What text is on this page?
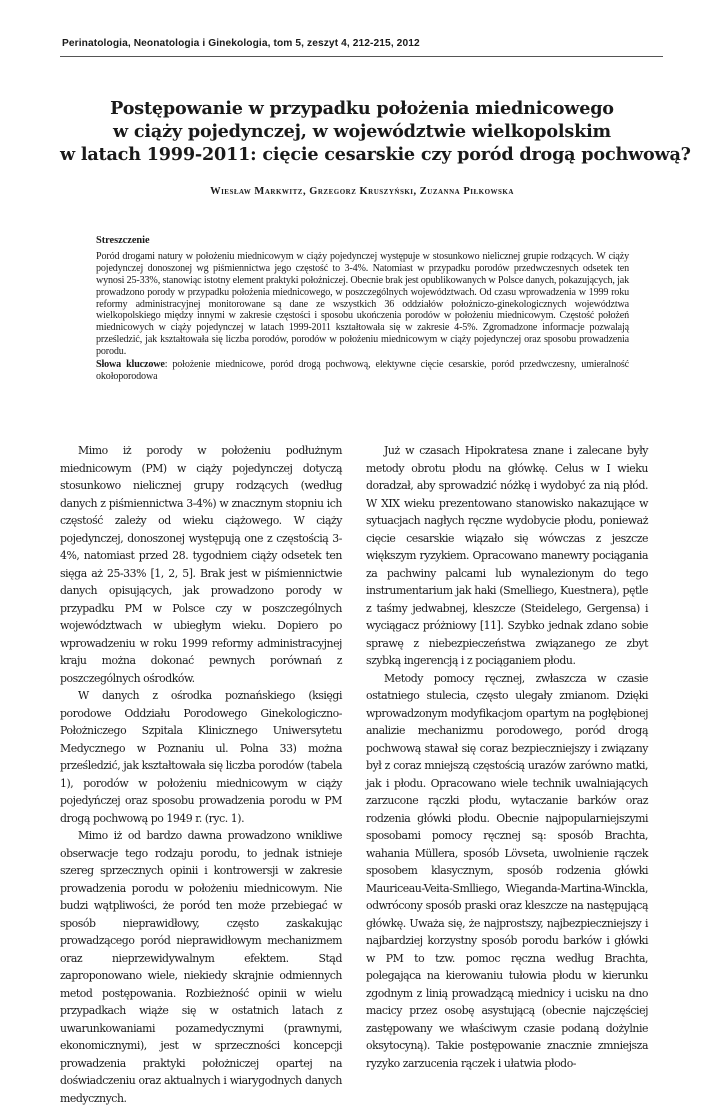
Perinatologia, Neonatologia i Ginekologia, tom 5, zeszyt 4, 212-215, 2012
Postępowanie w przypadku położenia miednicowego
w ciąży pojedynczej, w województwie wielkopolskim
w latach 1999-2011: cięcie cesarskie czy poród drogą pochwową?
Wiesław Markwitz, Grzegorz Kruszyński, Zuzanna Piłkowska
Streszczenie
Poród drogami natury w położeniu miednicowym w ciąży pojedynczej występuje w stosunkowo nielicznej grupie rodzących. W ciąży pojedynczej donoszonej wg piśmiennictwa jego częstość to 3-4%. Natomiast w przypadku porodów przedwczesnych odsetek ten wynosi 25-33%, stanowiąc istotny element praktyki położniczej. Obecnie brak jest opublikowanych w Polsce danych, pokazujących, jak prowadzono porody w przypadku położenia miednicowego, w poszczególnych województwach. Od czasu wprowadzenia w 1999 roku reformy administracyjnej monitorowane są dane ze wszystkich 36 oddziałów położniczo-ginekologicznych województwa wielkopolskiego między innymi w zakresie częstości i sposobu ukończenia porodów w położeniu miednicowym. Częstość położeń miednicowych w ciąży pojedynczej w latach 1999-2011 kształtowała się w zakresie 4-5%. Zgromadzone informacje pozwalają prześledzić, jak kształtowała się liczba porodów, porodów w położeniu miednicowym w ciąży pojedynczej oraz sposobu prowadzenia porodu.
Słowa kluczowe: położenie miednicowe, poród drogą pochwową, elektywne cięcie cesarskie, poród przedwczesny, umieralność okołoporodowa

Mimo iż porody w położeniu podłużnym miednicowym (PM) w ciąży pojedynczej dotyczą stosunkowo nielicznej grupy rodzących (według danych z piśmiennictwa 3-4%) w znacznym stopniu ich częstość zależy od wieku ciążowego. W ciąży pojedynczej, donoszonej występują one z częstością 3-4%, natomiast przed 28. tygodniem ciąży odsetek ten sięga aż 25-33% [1, 2, 5]. Brak jest w piśmiennictwie danych opisujących, jak prowadzono porody w przypadku PM w Polsce czy w poszczególnych województwach w ubiegłym wieku. Dopiero po wprowadzeniu w roku 1999 reformy administracyjnej kraju można dokonać pewnych porównań z poszczególnych ośrodków.

W danych z ośrodka poznańskiego (księgi porodowe Oddziału Porodowego Ginekologiczno-Położniczego Szpitala Klinicznego Uniwersytetu Medycznego w Poznaniu ul. Polna 33) można prześledzić, jak kształtowała się liczba porodów (tabela 1), porodów w położeniu miednicowym w ciąży pojedyńczej oraz sposobu prowadzenia porodu w PM drogą pochwową po 1949 r. (ryc. 1).

Mimo iż od bardzo dawna prowadzono wnikliwe obserwacje tego rodzaju porodu, to jednak istnieje szereg sprzecznych opinii i kontrowersji w zakresie prowadzenia porodu w położeniu miednicowym. Nie budzi wątpliwości, że poród ten może przebiegać w sposób nieprawidłowy, często zaskakując prowadzącego poród nieprawidłowym mechanizmem oraz nieprzewidywalnym efektem. Stąd zaproponowano wiele, niekiedy skrajnie odmiennych metod postępowania. Rozbieżność opinii w wielu przypadkach wiąże się w ostatnich latach z uwarunkowaniami pozamedycznymi (prawnymi, ekonomicznymi), jest w sprzeczności koncepcji prowadzenia praktyki położniczej opartej na doświadczeniu oraz aktualnych i wiarygodnych danych medycznych.

Już w czasach Hipokratesa znane i zalecane były metody obrotu płodu na główkę. Celus w I wieku doradzał, aby sprowadzić nóżkę i wydobyć za nią płód. W XIX wieku prezentowano stanowisko nakazujące w sytuacjach nagłych ręczne wydobycie płodu, ponieważ cięcie cesarskie wiązało się wówczas z jeszcze większym ryzykiem. Opracowano manewry pociągania za pachwiny palcami lub wynalezionym do tego instrumentarium jak haki (Smelliego, Kuestnera), pętle z taśmy jedwabnej, kleszcze (Steidelego, Gergensa) i wyciągacz próżniowy [11]. Szybko jednak zdano sobie sprawę z niebezpieczeństwa związanego ze zbyt szybką ingerencją i z pociąganiem płodu.

Metody pomocy ręcznej, zwłaszcza w czasie ostatniego stulecia, często ulegały zmianom. Dzięki wprowadzonym modyfikacjom opartym na pogłębionej analizie mechanizmu porodowego, poród drogą pochwową stawał się coraz bezpieczniejszy i związany był z coraz mniejszą częstością urazów zarówno matki, jak i płodu. Opracowano wiele technik uwalniających zarzucone rączki płodu, wytaczanie barków oraz rodzenia główki płodu. Obecnie najpopularniejszymi sposobami pomocy ręcznej są: sposób Brachta, wahania Müllera, sposób Lövseta, uwolnienie rączek sposobem klasycznym, sposób rodzenia główki Mauriceau-Veita-Smlliego, Wieganda-Martina-Winckla, odwrócony sposób praski oraz kleszcze na następującą główkę. Uważa się, że najprostszy, najbezpieczniejszy i najbardziej korzystny sposób porodu barków i główki w PM to tzw. pomoc ręczna według Brachta, polegająca na kierowaniu tułowia płodu w kierunku zgodnym z linią prowadzącą miednicy i ucisku na dno macicy przez osobę asystującą (obecnie najczęściej zastępowany we właściwym czasie podaną dożylnie oksytocyną). Takie postępowanie znacznie zmniejsza ryzyko zarzucenia rączek i ułatwia płodo-
